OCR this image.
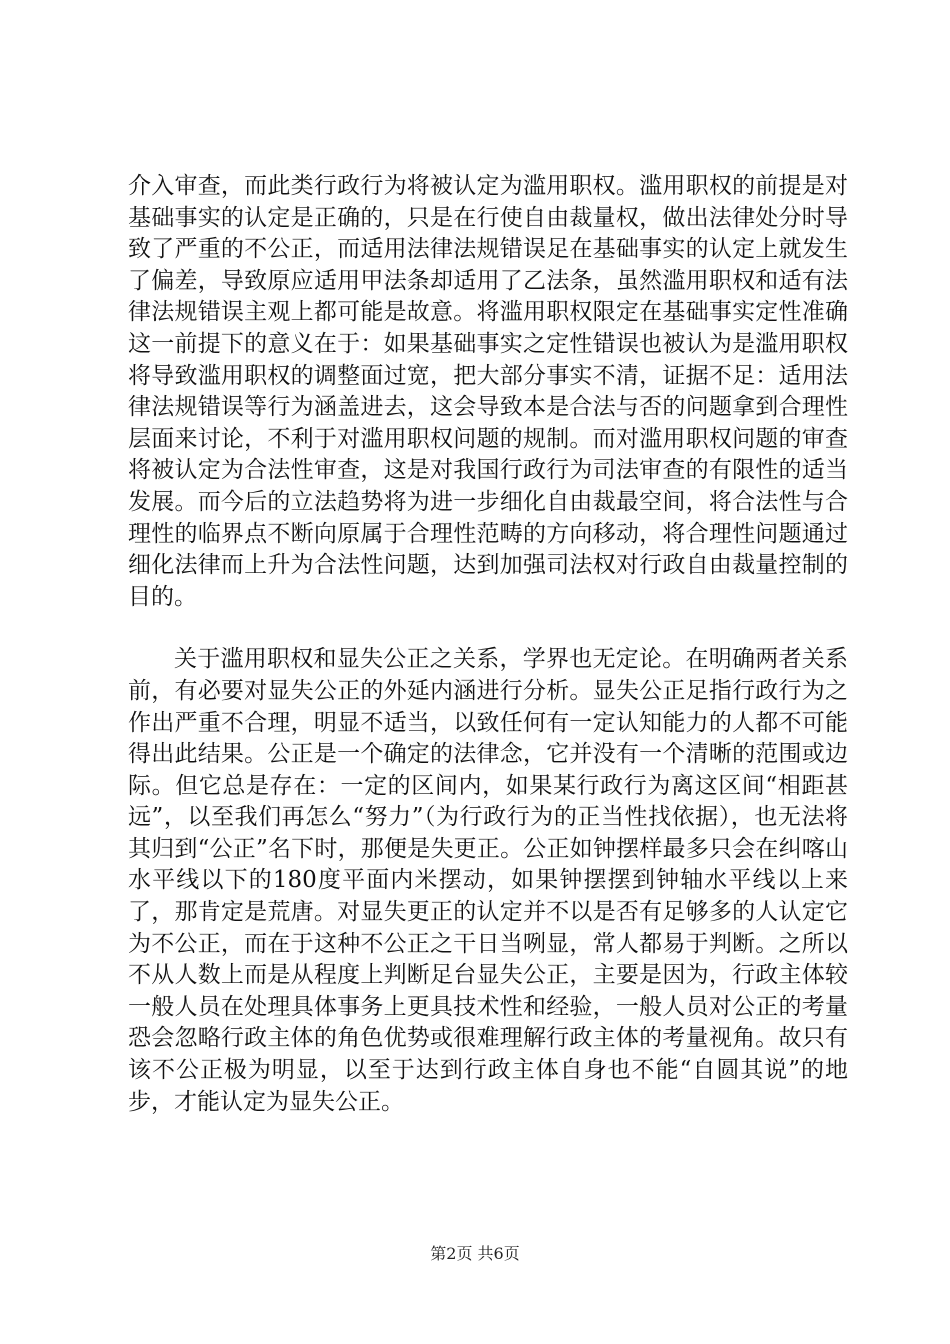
介入审查，而此类行政行为将被认定为滥用职权。滥用职权的前提是对基础事实的认定是正确的，只是在行使自由裁量权，做出法律处分时导致了严重的不公正，而适用法律法规错误足在基础事实的认定上就发生了偏差，导致原应适用甲法条却适用了乙法条，虽然滥用职权和适有法律法规错误主观上都可能是故意。将滥用职权限定在基础事实定性准确这一前提下的意义在于：如果基础事实之定性错误也被认为是滥用职权将导致滥用职权的调整面过宽，把大部分事实不清，证据不足：适用法律法规错误等行为涵盖进去，这会导致本是合法与否的问题拿到合理性层面来讨论，不利于对滥用职权问题的规制。而对滥用职权问题的审查将被认定为合法性审查，这是对我国行政行为司法审查的有限性的适当发展。而今后的立法趋势将为进一步细化自由裁最空间，将合法性与合理性的临界点不断向原属于合理性范畴的方向移动，将合理性问题通过细化法律而上升为合法性问题，达到加强司法权对行政自由裁量控制的目的。

关于滥用职权和显失公正之关系，学界也无定论。在明确两者关系前，有必要对显失公正的外延内涵进行分析。显失公正足指行政行为之作出严重不合理，明显不适当，以致任何有一定认知能力的人都不可能得出此结果。公正是一个确定的法律念，它并没有一个清晰的范围或边际。但它总是存在：一定的区间内，如果某行政行为离这区间“相距甚远”，以至我们再怎么“努力”（为行政行为的正当性找依据），也无法将其归到“公正”名下时，那便是失更正。公正如钟摆样最多只会在纠喀山水平线以下的180度平面内米摆动，如果钟摆摆到钟轴水平线以上来了，那肯定是荒唐。对显失更正的认定并不以是否有足够多的人认定它为不公正，而在于这种不公正之干日当咧显，常人都易于判断。之所以不从人数上而是从程度上判断足台显失公正，主要是因为，行政主体较一般人员在处理具体事务上更具技术性和经验，一般人员对公正的考量恐会忽略行政主体的角色优势或很难理解行政主体的考量视角。故只有该不公正极为明显，以至于达到行政主体自身也不能“自圆其说”的地步，才能认定为显失公正。

第2页 共6页
